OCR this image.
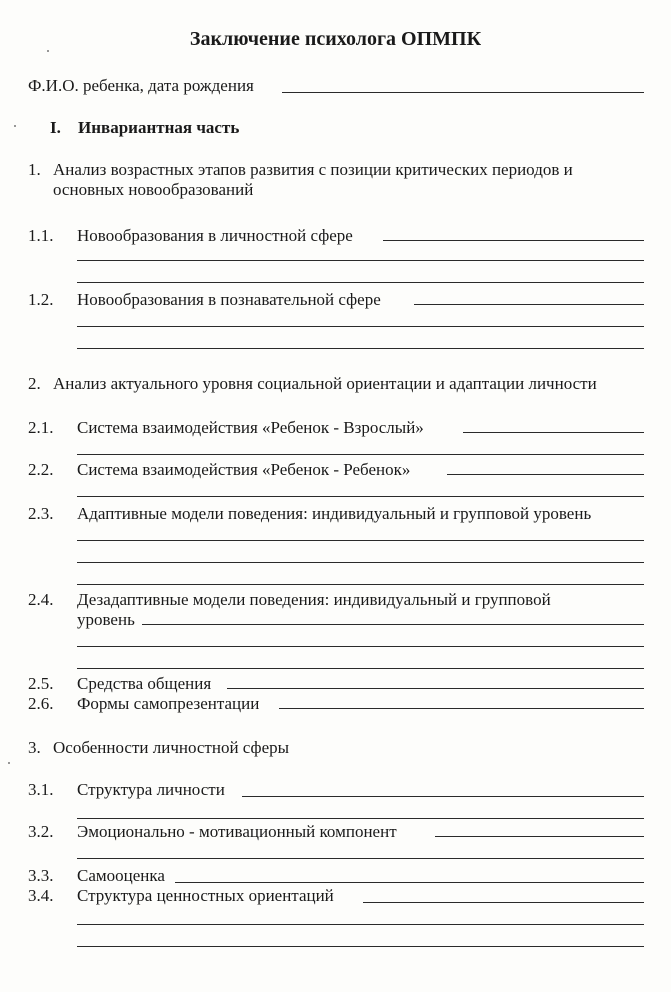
Заключение психолога ОПМПК
Ф.И.О. ребенка, дата рождения
I. Инвариантная часть
1. Анализ возрастных этапов развития с позиции критических периодов и
основных новообразований
1.1. Новообразования в личностной сфере
1.2. Новообразования в познавательной сфере
2. Анализ актуального уровня социальной ориентации и адаптации личности
2.1. Система взаимодействия «Ребенок - Взрослый»
2.2. Система взаимодействия «Ребенок - Ребенок»
2.3. Адаптивные модели поведения: индивидуальный и групповой уровень
2.4. Дезадаптивные модели поведения: индивидуальный и групповой
уровень
2.5. Средства общения
2.6. Формы самопрезентации
3. Особенности личностной сферы
3.1. Структура личности
3.2. Эмоционально - мотивационный компонент
3.3. Самооценка
3.4. Структура ценностных ориентаций
